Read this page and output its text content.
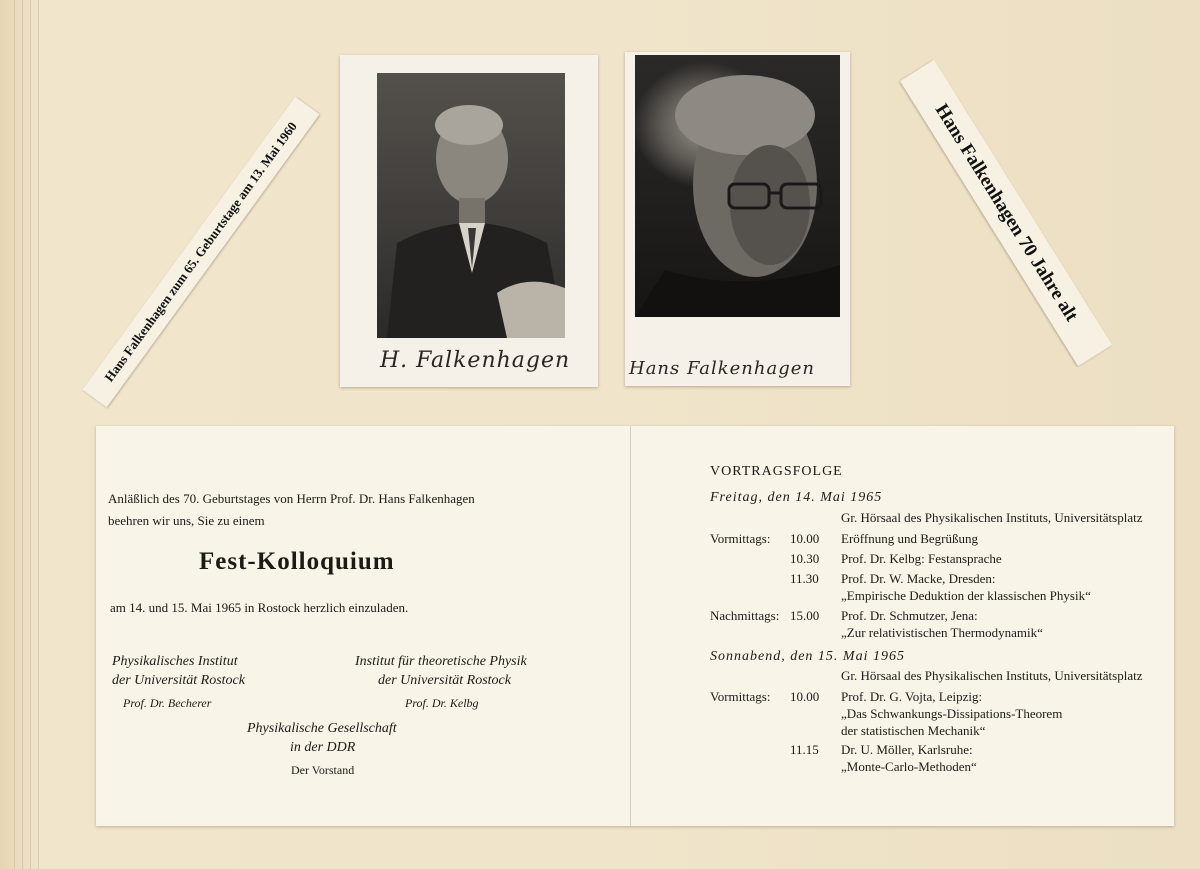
Hans Falkenhagen zum 65. Geburtstage am 13. Mai 1960	H. Falkenhagen	Hans Falkenhagen
Hans Falkenhagen 70 Jahre alt
Anläßlich des 70. Geburtstages von Herrn Prof. Dr. Hans Falkenhagen
beehren wir uns, Sie zu einem
Fest-Kolloquium
am 14. und 15. Mai 1965 in Rostock herzlich einzuladen.
Physikalisches Institut
der Universität Rostock
Prof. Dr. Becherer
Institut für theoretische Physik
der Universität Rostock
Prof. Dr. Kelbg
Physikalische Gesellschaft
in der DDR
Der Vorstand
VORTRAGSFOLGE
Freitag, den 14. Mai 1965
Gr. Hörsaal des Physikalischen Instituts, Universitätsplatz
Vormittags: 10.00 Eröffnung und Begrüßung
10.30 Prof. Dr. Kelbg: Festansprache
11.30 Prof. Dr. W. Macke, Dresden:
„Empirische Deduktion der klassischen Physik“
Nachmittags: 15.00 Prof. Dr. Schmutzer, Jena:
„Zur relativistischen Thermodynamik“
Sonnabend, den 15. Mai 1965
Gr. Hörsaal des Physikalischen Instituts, Universitätsplatz
Vormittags: 10.00 Prof. Dr. G. Vojta, Leipzig:
„Das Schwankungs-Dissipations-Theorem
der statistischen Mechanik“
11.15 Dr. U. Möller, Karlsruhe:
„Monte-Carlo-Methoden“
